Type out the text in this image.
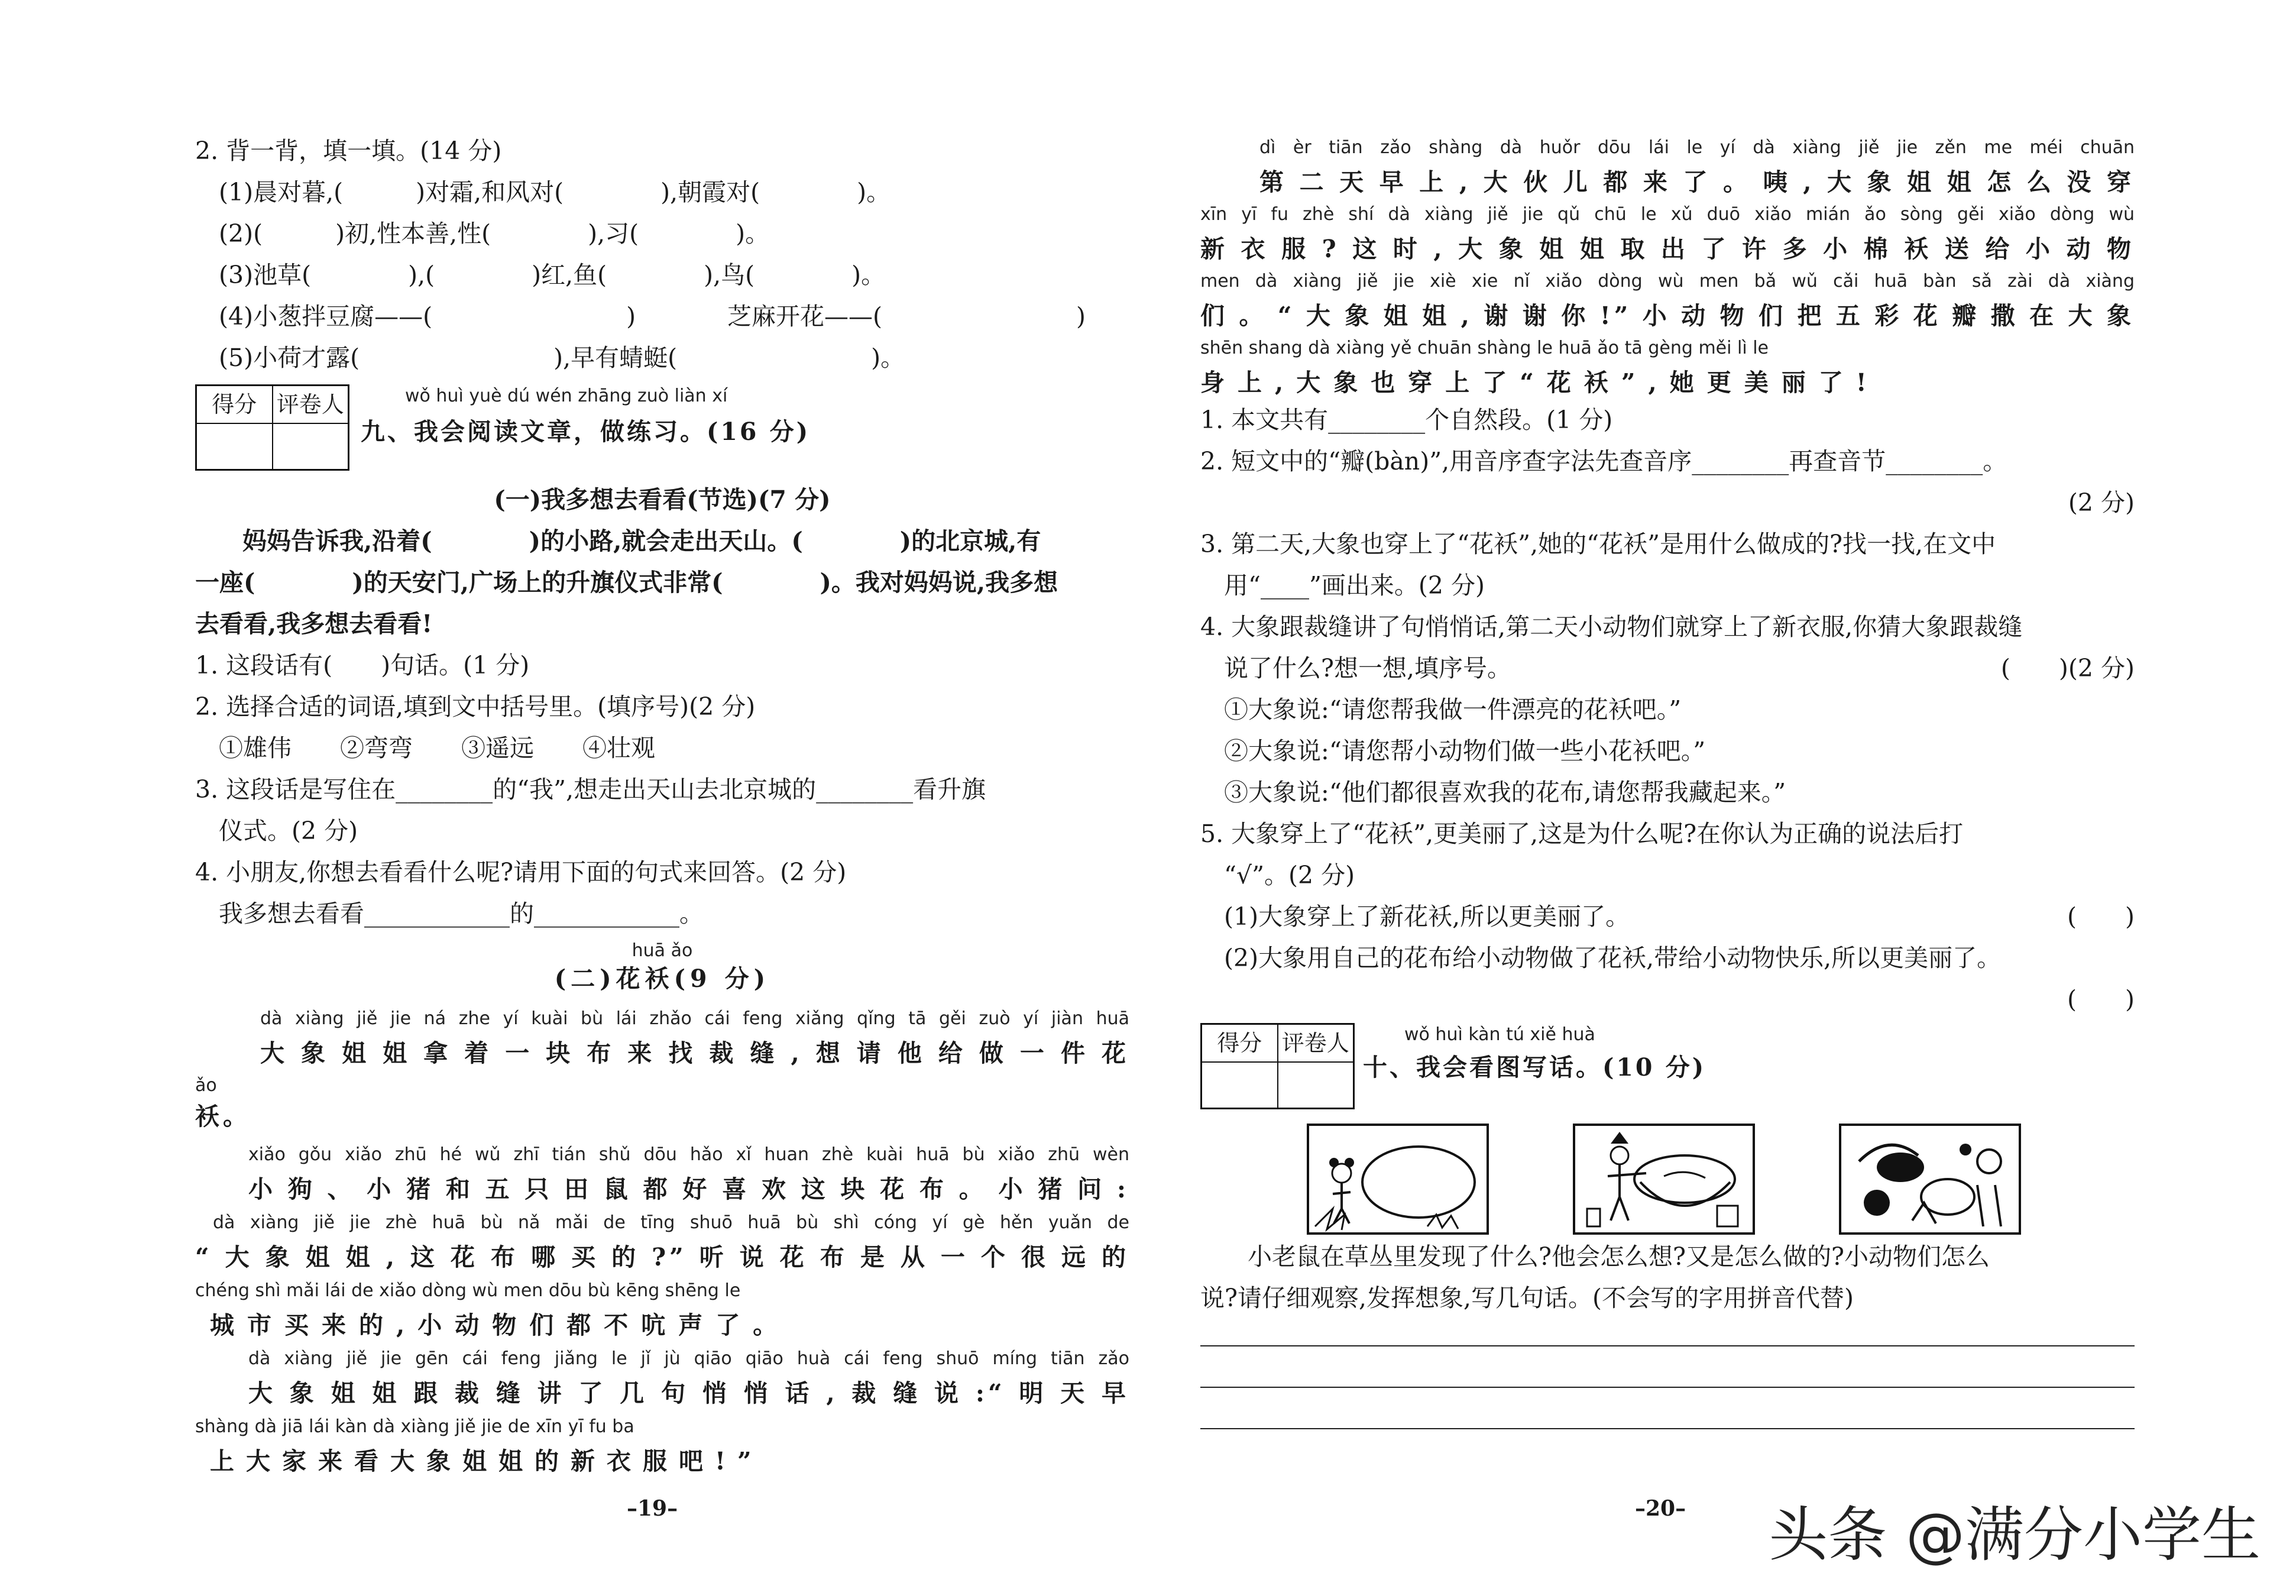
2. 背一背，填一填。(14 分)
(1)晨对暮,(　　　)对霜,和风对(　　　　),朝霞对(　　　　)。
(2)(　　　)初,性本善,性(　　　　),习(　　　　)。
(3)池草(　　　　),(　　　　)红,鱼(　　　　),鸟(　　　　)。
(4)小葱拌豆腐——(　　　　　　　　)	芝麻开花——(　　　　　　　　)
(5)小荷才露(　　　　　　　　),早有蜻蜓(　　　　　　　　)。
得分 评卷人	wǒ huì yuè dú wén zhāng zuò liàn xí
九、我会阅读文章，做练习。(16 分)
(一)我多想去看看(节选)(7 分)
妈妈告诉我,沿着(　　　　)的小路,就会走出天山。(　　　　)的北京城,有
一座(　　　　)的天安门,广场上的升旗仪式非常(　　　　)。我对妈妈说,我多想
去看看,我多想去看看!
1. 这段话有(　　)句话。(1 分)
2. 选择合适的词语,填到文中括号里。(填序号)(2 分)
①雄伟　　②弯弯　　③遥远　　④壮观
3. 这段话是写住在________的“我”,想走出天山去北京城的________看升旗
仪式。(2 分)
4. 小朋友,你想去看看什么呢?请用下面的句式来回答。(2 分)
我多想去看看____________的____________。
huā ǎo
(二)花袄(9 分)
dà xiàng jiě jie ná zhe yí kuài bù lái zhǎo cái feng xiǎng qǐng tā gěi zuò yí jiàn huā
大象姐姐拿着一块布来找裁缝,想请他给做一件花
ǎo
袄。
xiǎo gǒu xiǎo zhū hé wǔ zhī tián shǔ dōu hǎo xǐ huan zhè kuài huā bù xiǎo zhū wèn
小狗、小猪和五只田鼠都好喜欢这块花布。小猪问:
dà xiàng jiě jie zhè huā bù nǎ mǎi de tīng shuō huā bù shì cóng yí gè hěn yuǎn de
“大象姐姐,这花布哪买的?”听说花布是从一个很远的
chéng shì mǎi lái de xiǎo dòng wù men dōu bù kēng shēng le
城市买来的,小动物们都不吭声了。
dà xiàng jiě jie gēn cái feng jiǎng le jǐ jù qiāo qiāo huà cái feng shuō míng tiān zǎo
大象姐姐跟裁缝讲了几句悄悄话,裁缝说:“明天早
shàng dà jiā lái kàn dà xiàng jiě jie de xīn yī fu ba
上大家来看大象姐姐的新衣服吧!”
–19–
dì èr tiān zǎo shàng dà huǒr dōu lái le yí dà xiàng jiě jie zěn me méi chuān
第二天早上,大伙儿都来了。咦,大象姐姐怎么没穿
xīn yī fu zhè shí dà xiàng jiě jie qǔ chū le xǔ duō xiǎo mián ǎo sòng gěi xiǎo dòng wù
新衣服?这时,大象姐姐取出了许多小棉袄送给小动物
men dà xiàng jiě jie xiè xie nǐ xiǎo dòng wù men bǎ wǔ cǎi huā bàn sǎ zài dà xiàng
们。“大象姐姐,谢谢你!”小动物们把五彩花瓣撒在大象
shēn shang dà xiàng yě chuān shàng le huā ǎo tā gèng měi lì le
身上,大象也穿上了“花袄”,她更美丽了!
1. 本文共有________个自然段。(1 分)
2. 短文中的“瓣(bàn)”,用音序查字法先查音序________再查音节________。
(2 分)
3. 第二天,大象也穿上了“花袄”,她的“花袄”是用什么做成的?找一找,在文中
用“____”画出来。(2 分)
4. 大象跟裁缝讲了句悄悄话,第二天小动物们就穿上了新衣服,你猜大象跟裁缝
说了什么?想一想,填序号。	(　　)(2 分)
①大象说:“请您帮我做一件漂亮的花袄吧。”
②大象说:“请您帮小动物们做一些小花袄吧。”
③大象说:“他们都很喜欢我的花布,请您帮我藏起来。”
5. 大象穿上了“花袄”,更美丽了,这是为什么呢?在你认为正确的说法后打
“√”。(2 分)
(1)大象穿上了新花袄,所以更美丽了。	(　　)
(2)大象用自己的花布给小动物做了花袄,带给小动物快乐,所以更美丽了。
(　　)
得分 评卷人	wǒ huì kàn tú xiě huà
十、我会看图写话。(10 分)
小老鼠在草丛里发现了什么?他会怎么想?又是怎么做的?小动物们怎么
说?请仔细观察,发挥想象,写几句话。(不会写的字用拼音代替)
–20– 头条 @满分小学生
